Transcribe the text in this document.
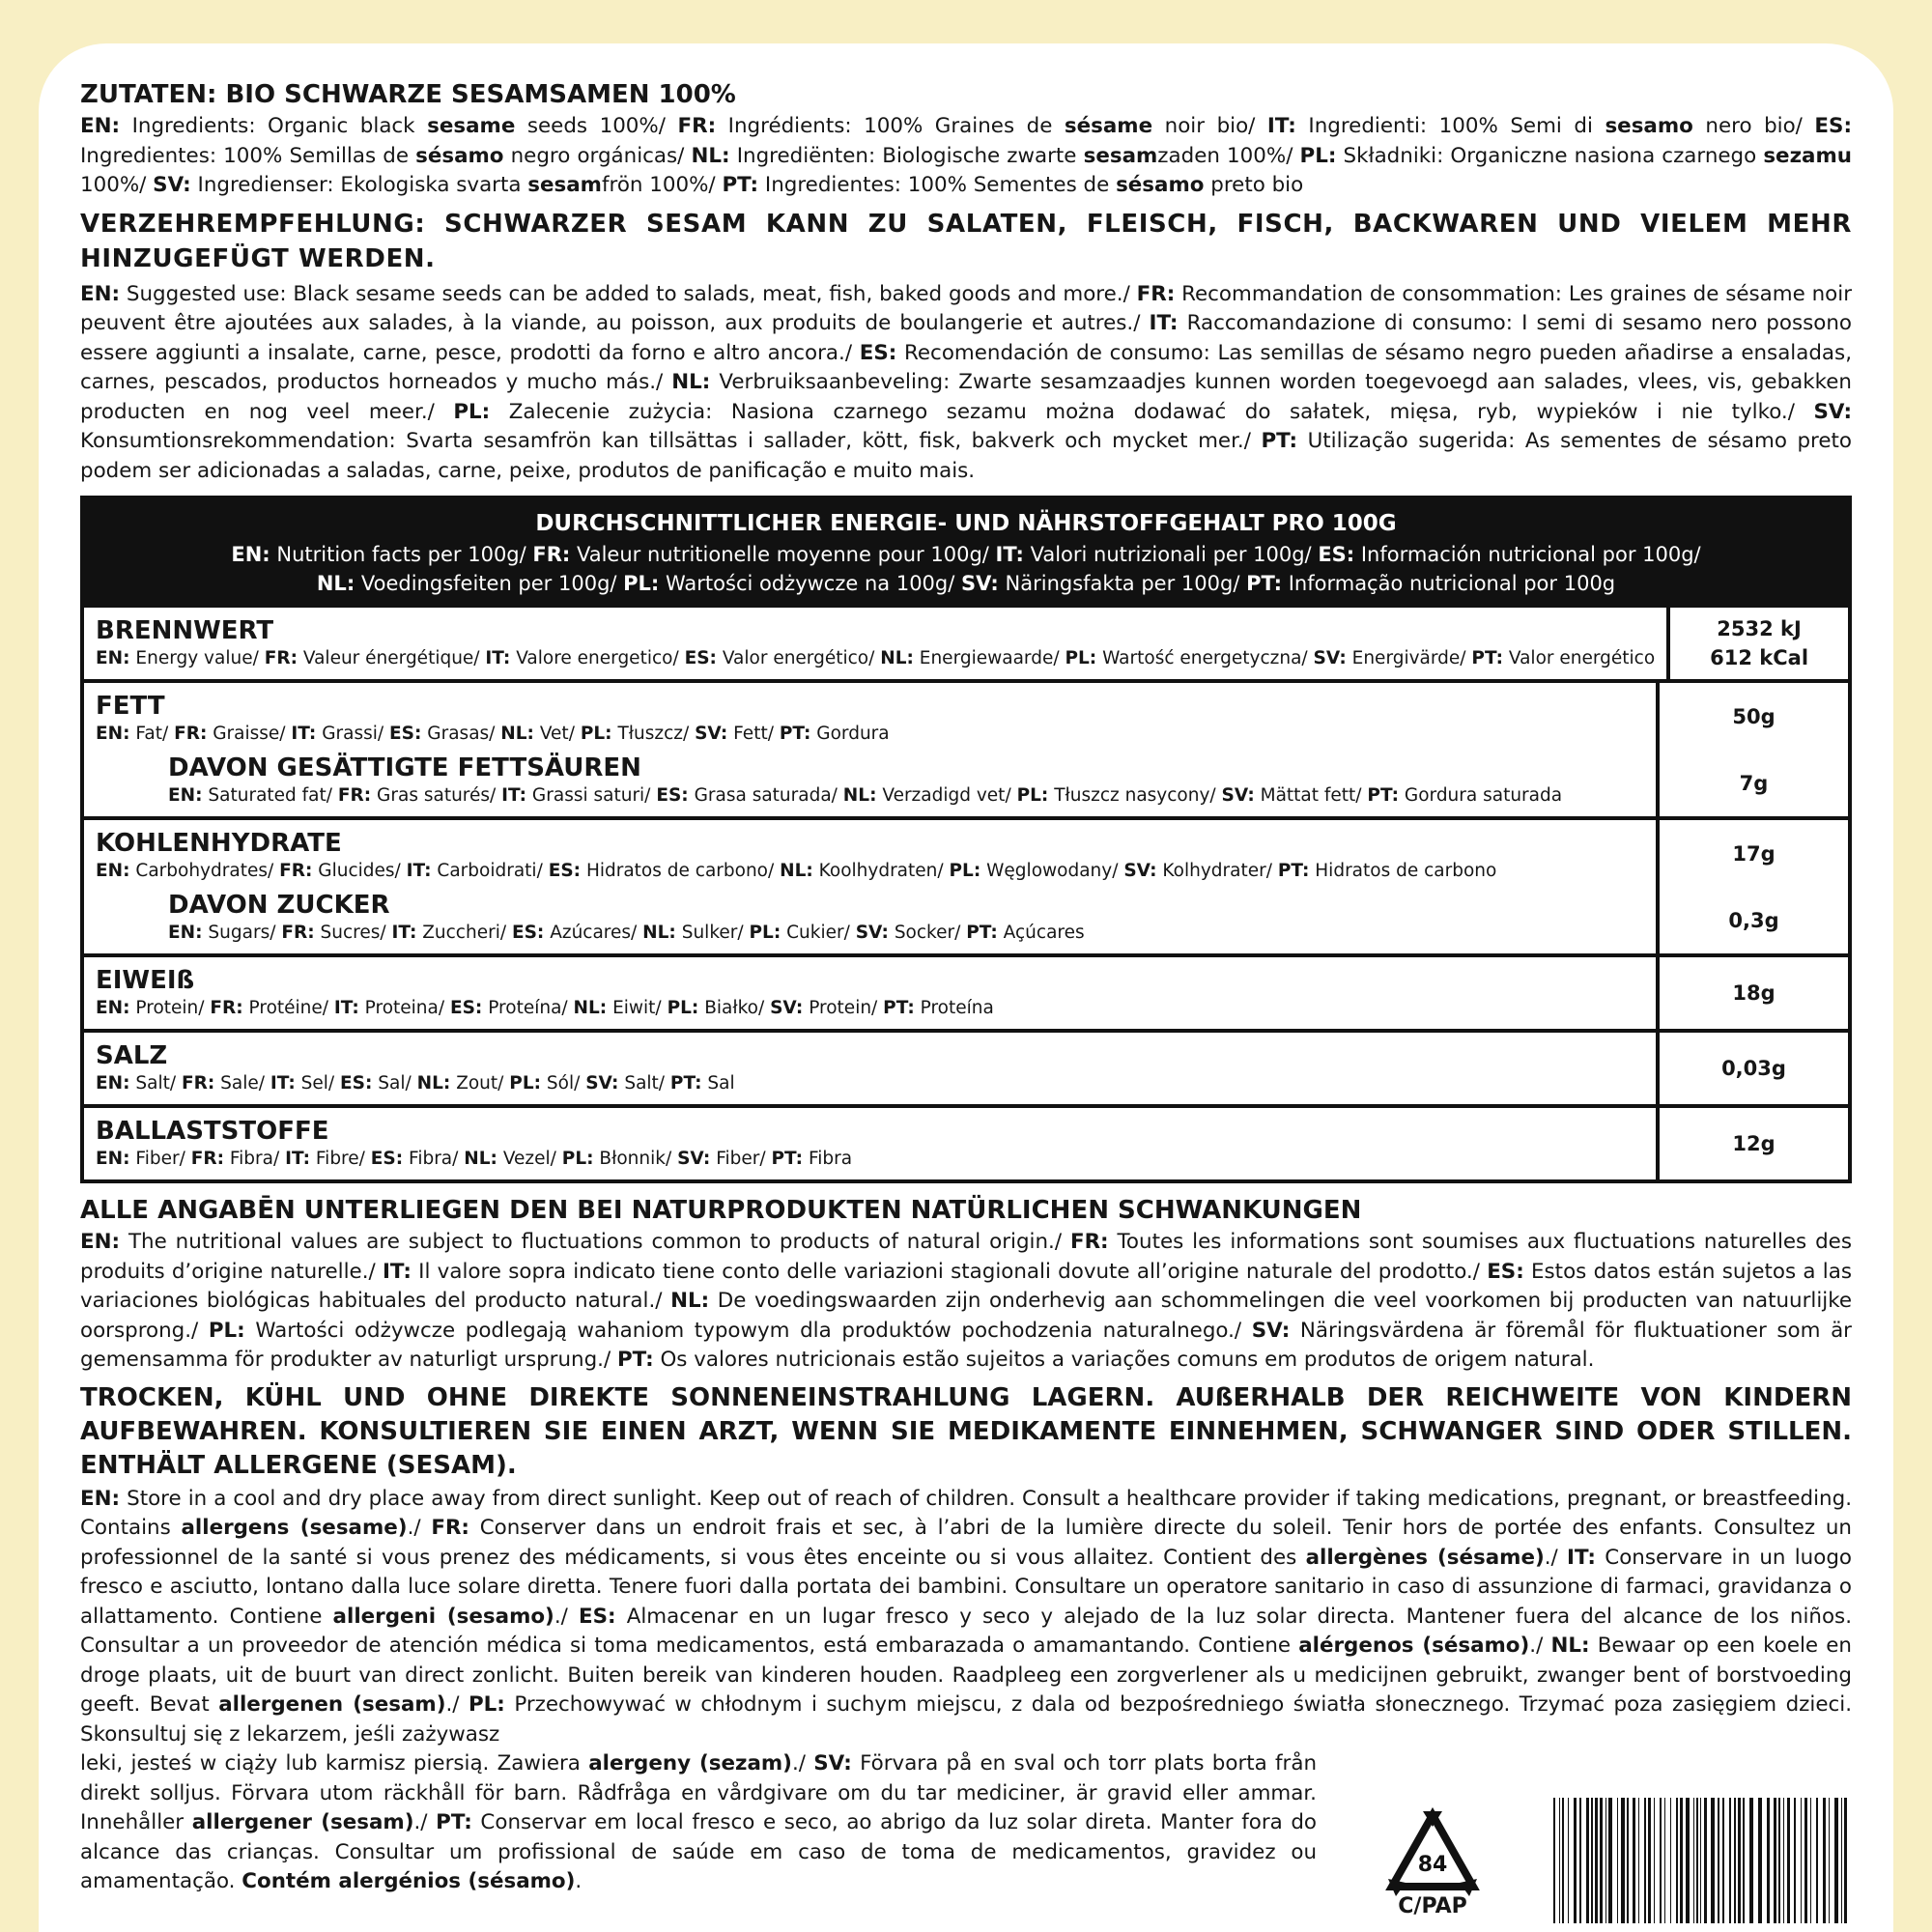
ZUTATEN: BIO SCHWARZE SESAMSAMEN 100%

EN: Ingredients: Organic black sesame seeds 100%/ FR: Ingrédients: 100% Graines de sésame noir bio/ IT: Ingredienti: 100% Semi di sesamo nero bio/ ES: Ingredientes: 100% Semillas de sésamo negro orgánicas/ NL: Ingrediënten: Biologische zwarte sesamzaden 100%/ PL: Składniki: Organiczne nasiona czarnego sezamu 100%/ SV: Ingredienser: Ekologiska svarta sesamfrön 100%/ PT: Ingredientes: 100% Sementes de sésamo preto bio

VERZEHREMPFEHLUNG: SCHWARZER SESAM KANN ZU SALATEN, FLEISCH, FISCH, BACKWAREN UND VIELEM MEHR HINZUGEFÜGT WERDEN.

EN: Suggested use: Black sesame seeds can be added to salads, meat, fish, baked goods and more./ FR: Recommandation de consommation: Les graines de sésame noir peuvent être ajoutées aux salades, à la viande, au poisson, aux produits de boulangerie et autres./ IT: Raccomandazione di consumo: I semi di sesamo nero possono essere aggiunti a insalate, carne, pesce, prodotti da forno e altro ancora./ ES: Recomendación de consumo: Las semillas de sésamo negro pueden añadirse a ensaladas, carnes, pescados, productos horneados y mucho más./ NL: Verbruiksaanbeveling: Zwarte sesamzaadjes kunnen worden toegevoegd aan salades, vlees, vis, gebakken producten en nog veel meer./ PL: Zalecenie zużycia: Nasiona czarnego sezamu można dodawać do sałatek, mięsa, ryb, wypieków i nie tylko./ SV: Konsumtionsrekommendation: Svarta sesamfrön kan tillsättas i sallader, kött, fisk, bakverk och mycket mer./ PT: Utilização sugerida: As sementes de sésamo preto podem ser adicionadas a saladas, carne, peixe, produtos de panificação e muito mais.

DURCHSCHNITTLICHER ENERGIE- UND NÄHRSTOFFGEHALT PRO 100G
EN: Nutrition facts per 100g/ FR: Valeur nutritionelle moyenne pour 100g/ IT: Valori nutrizionali per 100g/ ES: Información nutricional por 100g/
NL: Voedingsfeiten per 100g/ PL: Wartości odżywcze na 100g/ SV: Näringsfakta per 100g/ PT: Informação nutricional por 100g
BRENNWERT
EN: Energy value/ FR: Valeur énergétique/ IT: Valore energetico/ ES: Valor energético/ NL: Energiewaarde/ PL: Wartość energetyczna/ SV: Energivärde/ PT: Valor energético
2532 kJ
612 kCal
FETT
EN: Fat/ FR: Graisse/ IT: Grassi/ ES: Grasas/ NL: Vet/ PL: Tłuszcz/ SV: Fett/ PT: Gordura
DAVON GESÄTTIGTE FETTSÄUREN
EN: Saturated fat/ FR: Gras saturés/ IT: Grassi saturi/ ES: Grasa saturada/ NL: Verzadigd vet/ PL: Tłuszcz nasycony/ SV: Mättat fett/ PT: Gordura saturada
50g
7g
KOHLENHYDRATE
EN: Carbohydrates/ FR: Glucides/ IT: Carboidrati/ ES: Hidratos de carbono/ NL: Koolhydraten/ PL: Węglowodany/ SV: Kolhydrater/ PT: Hidratos de carbono
DAVON ZUCKER
EN: Sugars/ FR: Sucres/ IT: Zuccheri/ ES: Azúcares/ NL: Sulker/ PL: Cukier/ SV: Socker/ PT: Açúcares
17g
0,3g
EIWEIß
EN: Protein/ FR: Protéine/ IT: Proteina/ ES: Proteína/ NL: Eiwit/ PL: Białko/ SV: Protein/ PT: Proteína
18g
SALZ
EN: Salt/ FR: Sale/ IT: Sel/ ES: Sal/ NL: Zout/ PL: Sól/ SV: Salt/ PT: Sal
0,03g
BALLASTSTOFFE
EN: Fiber/ FR: Fibra/ IT: Fibre/ ES: Fibra/ NL: Vezel/ PL: Błonnik/ SV: Fiber/ PT: Fibra
12g

ALLE ANGABĒN UNTERLIEGEN DEN BEI NATURPRODUKTEN NATÜRLICHEN SCHWANKUNGEN

EN: The nutritional values are subject to fluctuations common to products of natural origin./ FR: Toutes les informations sont soumises aux fluctuations naturelles des produits d’origine naturelle./ IT: Il valore sopra indicato tiene conto delle variazioni stagionali dovute all’origine naturale del prodotto./ ES: Estos datos están sujetos a las variaciones biológicas habituales del producto natural./ NL: De voedingswaarden zijn onderhevig aan schommelingen die veel voorkomen bij producten van natuurlijke oorsprong./ PL: Wartości odżywcze podlegają wahaniom typowym dla produktów pochodzenia naturalnego./ SV: Näringsvärdena är föremål för fluktuationer som är gemensamma för produkter av naturligt ursprung./ PT: Os valores nutricionais estão sujeitos a variações comuns em produtos de origem natural.

TROCKEN, KÜHL UND OHNE DIREKTE SONNENEINSTRAHLUNG LAGERN. AUßERHALB DER REICHWEITE VON KINDERN AUFBEWAHREN. KONSULTIEREN SIE EINEN ARZT, WENN SIE MEDIKAMENTE EINNEHMEN, SCHWANGER SIND ODER STILLEN. ENTHÄLT ALLERGENE (SESAM).

EN: Store in a cool and dry place away from direct sunlight. Keep out of reach of children. Consult a healthcare provider if taking medications, pregnant, or breastfeeding. Contains allergens (sesame)./ FR: Conserver dans un endroit frais et sec, à l’abri de la lumière directe du soleil. Tenir hors de portée des enfants. Consultez un professionnel de la santé si vous prenez des médicaments, si vous êtes enceinte ou si vous allaitez. Contient des allergènes (sésame)./ IT: Conservare in un luogo fresco e asciutto, lontano dalla luce solare diretta. Tenere fuori dalla portata dei bambini. Consultare un operatore sanitario in caso di assunzione di farmaci, gravidanza o allattamento. Contiene allergeni (sesamo)./ ES: Almacenar en un lugar fresco y seco y alejado de la luz solar directa. Mantener fuera del alcance de los niños. Consultar a un proveedor de atención médica si toma medicamentos, está embarazada o amamantando. Contiene alérgenos (sésamo)./ NL: Bewaar op een koele en droge plaats, uit de buurt van direct zonlicht. Buiten bereik van kinderen houden. Raadpleeg een zorgverlener als u medicijnen gebruikt, zwanger bent of borstvoeding geeft. Bevat allergenen (sesam)./ PL: Przechowywać w chłodnym i suchym miejscu, z dala od bezpośredniego światła słonecznego. Trzymać poza zasięgiem dzieci. Skonsultuj się z lekarzem, jeśli zażywasz

leki, jesteś w ciąży lub karmisz piersią. Zawiera alergeny (sezam)./ SV: Förvara på en sval och torr plats borta från direkt solljus. Förvara utom räckhåll för barn. Rådfråga en vårdgivare om du tar mediciner, är gravid eller ammar. Innehåller allergener (sesam)./ PT: Conservar em local fresco e seco, ao abrigo da luz solar direta. Manter fora do alcance das crianças. Consultar um profissional de saúde em caso de toma de medicamentos, gravidez ou amamentação. Contém alergénios (sésamo).

84
C/PAP
